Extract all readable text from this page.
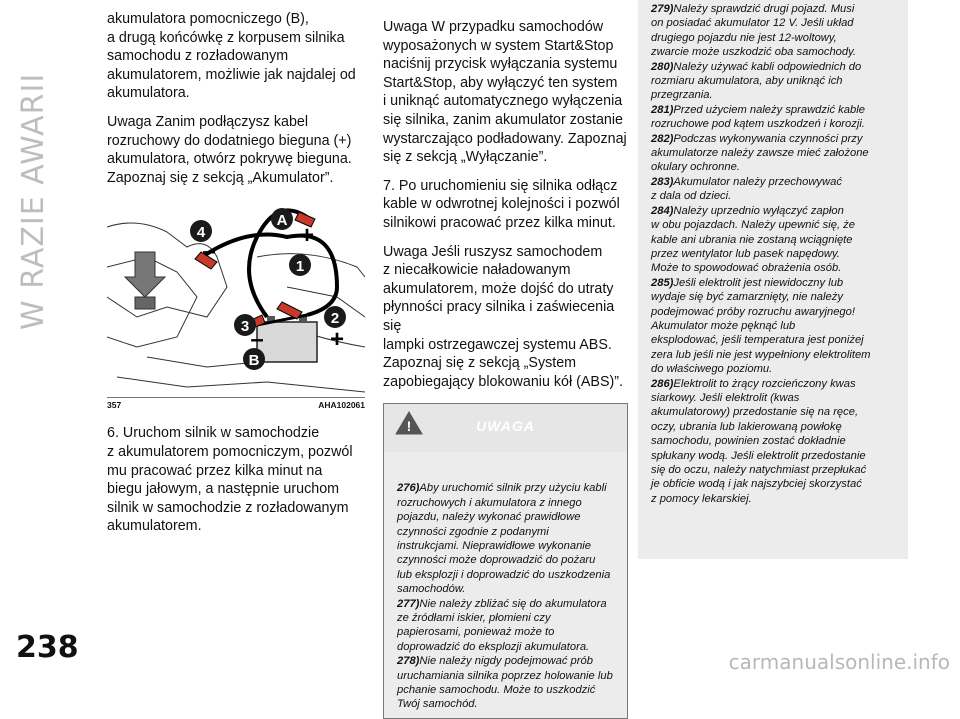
W RAZIE AWARII
238	carmanualsonline.info

akumulatora pomocniczego (B),
a drugą końcówkę z korpusem silnika
samochodu z rozładowanym
akumulatorem, możliwie jak najdalej od
akumulatora.

Uwaga Zanim podłączysz kabel
rozruchowy do dodatniego bieguna (+)
akumulatora, otwórz pokrywę bieguna.
Zapoznaj się z sekcją „Akumulator”.

4
A
1
3	2
B
–
+
–	+
357	AHA102061

6. Uruchom silnik w samochodzie
z akumulatorem pomocniczym, pozwól
mu pracować przez kilka minut na
biegu jałowym, a następnie uruchom
silnik w samochodzie z rozładowanym
akumulatorem.

Uwaga W przypadku samochodów
wyposażonych w system Start&Stop
naciśnij przycisk wyłączania systemu
Start&Stop, aby wyłączyć ten system
i uniknąć automatycznego wyłączenia
się silnika, zanim akumulator zostanie
wystarczająco podładowany. Zapoznaj
się z sekcją „Wyłączanie”.

7. Po uruchomieniu się silnika odłącz
kable w odwrotnej kolejności i pozwól
silnikowi pracować przez kilka minut.

Uwaga Jeśli ruszysz samochodem
z niecałkowicie naładowanym
akumulatorem, może dojść do utraty
płynności pracy silnika i zaświecenia się
lampki ostrzegawczej systemu ABS.
Zapoznaj się z sekcją „System
zapobiegający blokowaniu kół (ABS)”.

!	UWAGA

276)Aby uruchomić silnik przy użyciu kabli
rozruchowych i akumulatora z innego
pojazdu, należy wykonać prawidłowe
czynności zgodnie z podanymi
instrukcjami. Nieprawidłowe wykonanie
czynności może doprowadzić do pożaru
lub eksplozji i doprowadzić do uszkodzenia
samochodów.

277)Nie należy zbliżać się do akumulatora
ze źródłami iskier, płomieni czy
papierosami, ponieważ może to
doprowadzić do eksplozji akumulatora.

278)Nie należy nigdy podejmować prób
uruchamiania silnika poprzez holowanie lub
pchanie samochodu. Może to uszkodzić
Twój samochód.

279)Należy sprawdzić drugi pojazd. Musi
on posiadać akumulator 12 V. Jeśli układ
drugiego pojazdu nie jest 12-woltowy,
zwarcie może uszkodzić oba samochody.

280)Należy używać kabli odpowiednich do
rozmiaru akumulatora, aby uniknąć ich
przegrzania.

281)Przed użyciem należy sprawdzić kable
rozruchowe pod kątem uszkodzeń i korozji.

282)Podczas wykonywania czynności przy
akumulatorze należy zawsze mieć założone
okulary ochronne.

283)Akumulator należy przechowywać
z dala od dzieci.

284)Należy uprzednio wyłączyć zapłon
w obu pojazdach. Należy upewnić się, że
kable ani ubrania nie zostaną wciągnięte
przez wentylator lub pasek napędowy.
Może to spowodować obrażenia osób.

285)Jeśli elektrolit jest niewidoczny lub
wydaje się być zamarznięty, nie należy
podejmować próby rozruchu awaryjnego!
Akumulator może pęknąć lub
eksplodować, jeśli temperatura jest poniżej
zera lub jeśli nie jest wypełniony elektrolitem
do właściwego poziomu.

286)Elektrolit to żrący rozcieńczony kwas
siarkowy. Jeśli elektrolit (kwas
akumulatorowy) przedostanie się na ręce,
oczy, ubrania lub lakierowaną powłokę
samochodu, powinien zostać dokładnie
spłukany wodą. Jeśli elektrolit przedostanie
się do oczu, należy natychmiast przepłukać
je obficie wodą i jak najszybciej skorzystać
z pomocy lekarskiej.
